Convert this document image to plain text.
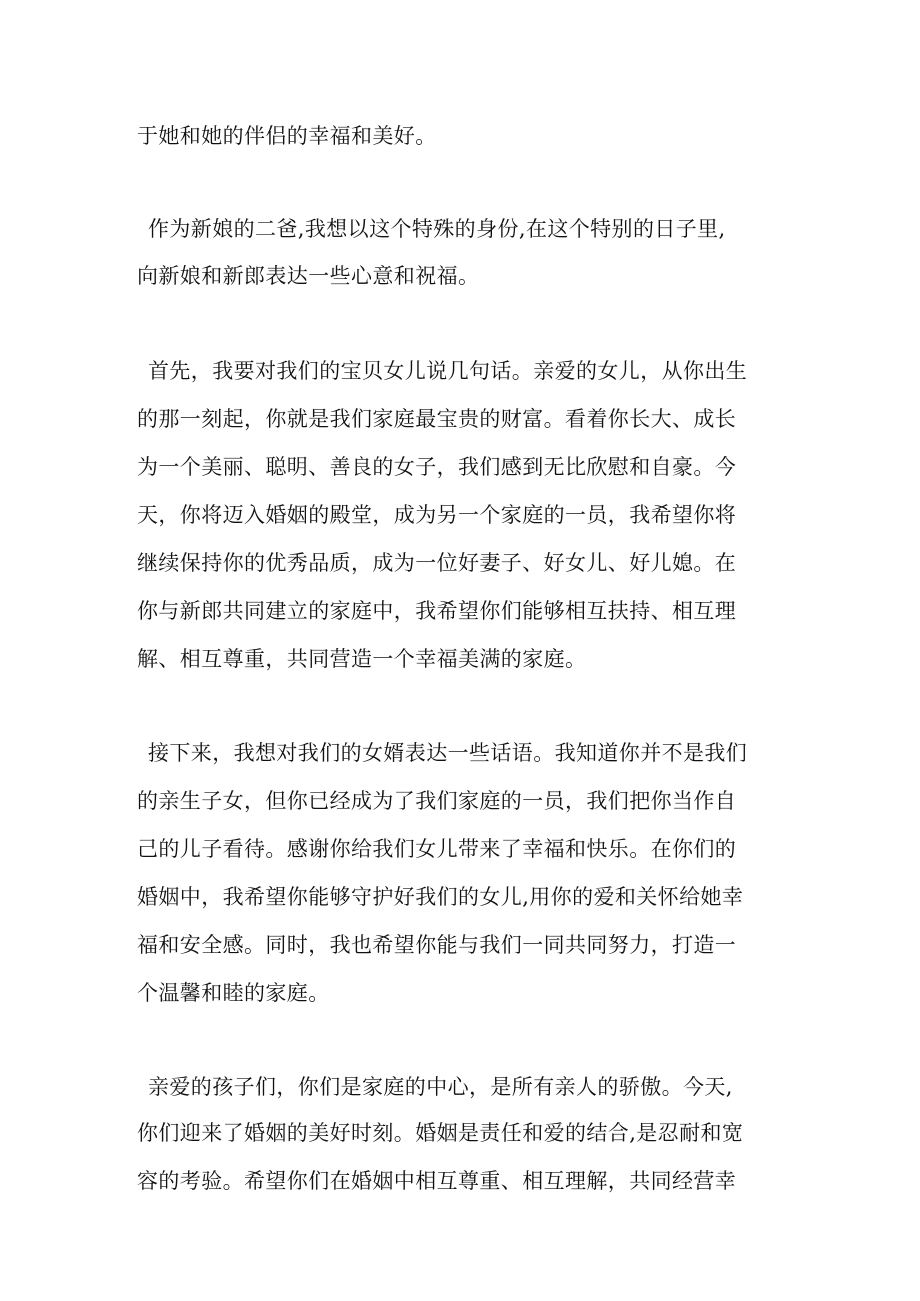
于她和她的伴侣的幸福和美好。
作为新娘的二爸,我想以这个特殊的身份,在这个特别的日子里,
向新娘和新郎表达一些心意和祝福。
首先，我要对我们的宝贝女儿说几句话。亲爱的女儿，从你出生
的那一刻起，你就是我们家庭最宝贵的财富。看着你长大、成长
为一个美丽、聪明、善良的女子，我们感到无比欣慰和自豪。今
天，你将迈入婚姻的殿堂，成为另一个家庭的一员，我希望你将
继续保持你的优秀品质，成为一位好妻子、好女儿、好儿媳。在
你与新郎共同建立的家庭中，我希望你们能够相互扶持、相互理
解、相互尊重，共同营造一个幸福美满的家庭。
接下来，我想对我们的女婿表达一些话语。我知道你并不是我们
的亲生子女，但你已经成为了我们家庭的一员，我们把你当作自
己的儿子看待。感谢你给我们女儿带来了幸福和快乐。在你们的
婚姻中，我希望你能够守护好我们的女儿,用你的爱和关怀给她幸
福和安全感。同时，我也希望你能与我们一同共同努力，打造一
个温馨和睦的家庭。
亲爱的孩子们，你们是家庭的中心，是所有亲人的骄傲。今天,
你们迎来了婚姻的美好时刻。婚姻是责任和爱的结合,是忍耐和宽
容的考验。希望你们在婚姻中相互尊重、相互理解，共同经营幸
